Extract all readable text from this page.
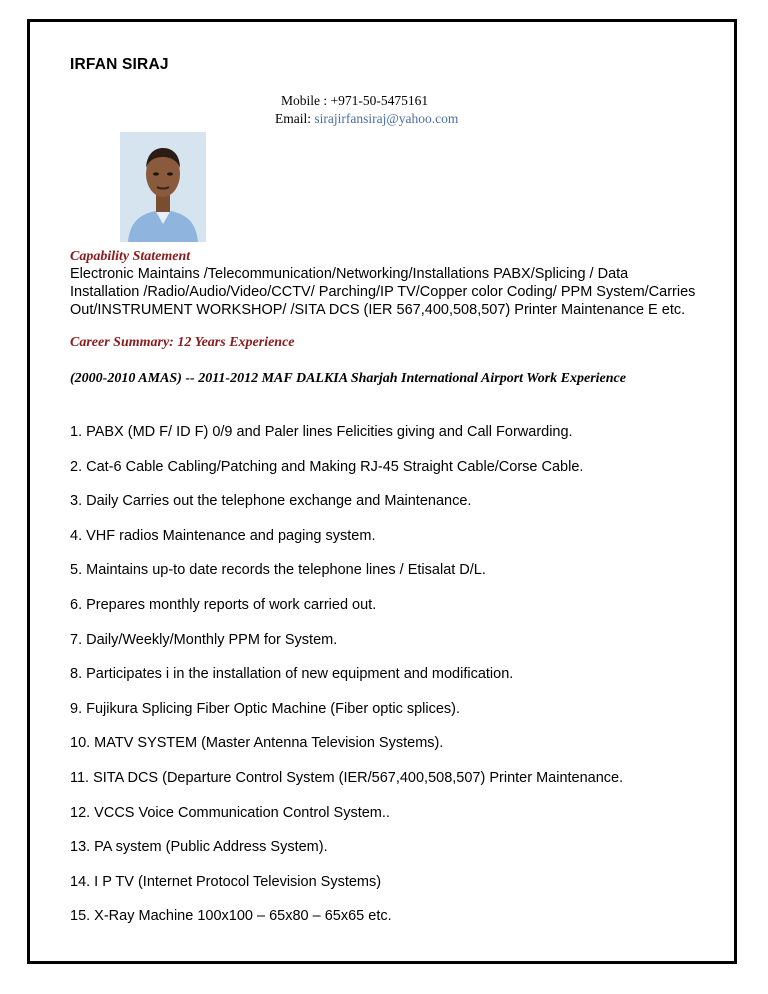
IRFAN SIRAJ
Mobile : +971-50-5475161
Email: sirajirfansiraj@yahoo.com
Capability Statement
Electronic Maintains /Telecommunication/Networking/Installations PABX/Splicing / Data Installation /Radio/Audio/Video/CCTV/ Parching/IP TV/Copper color Coding/ PPM System/Carries Out/INSTRUMENT WORKSHOP/ /SITA DCS (IER 567,400,508,507) Printer Maintenance E etc.
Career Summary: 12 Years Experience
(2000-2010 AMAS) -- 2011-2012 MAF DALKIA Sharjah International Airport Work Experience
1. PABX (MD F/ ID F) 0/9 and Paler lines Felicities giving and Call Forwarding.
2. Cat-6 Cable Cabling/Patching and Making RJ-45 Straight Cable/Corse Cable.
3. Daily Carries out the telephone exchange and Maintenance.
4. VHF radios Maintenance and paging system.
5. Maintains up-to date records the telephone lines / Etisalat D/L.
6. Prepares monthly reports of work carried out.
7. Daily/Weekly/Monthly PPM for System.
8. Participates i in the installation of new equipment and modification.
9. Fujikura Splicing Fiber Optic Machine (Fiber optic splices).
10. MATV SYSTEM (Master Antenna Television Systems).
11. SITA DCS (Departure Control System (IER/567,400,508,507) Printer Maintenance.
12. VCCS Voice Communication Control System..
13. PA system (Public Address System).
14. I P TV (Internet Protocol Television Systems)
15. X-Ray Machine 100x100 – 65x80 – 65x65 etc.
